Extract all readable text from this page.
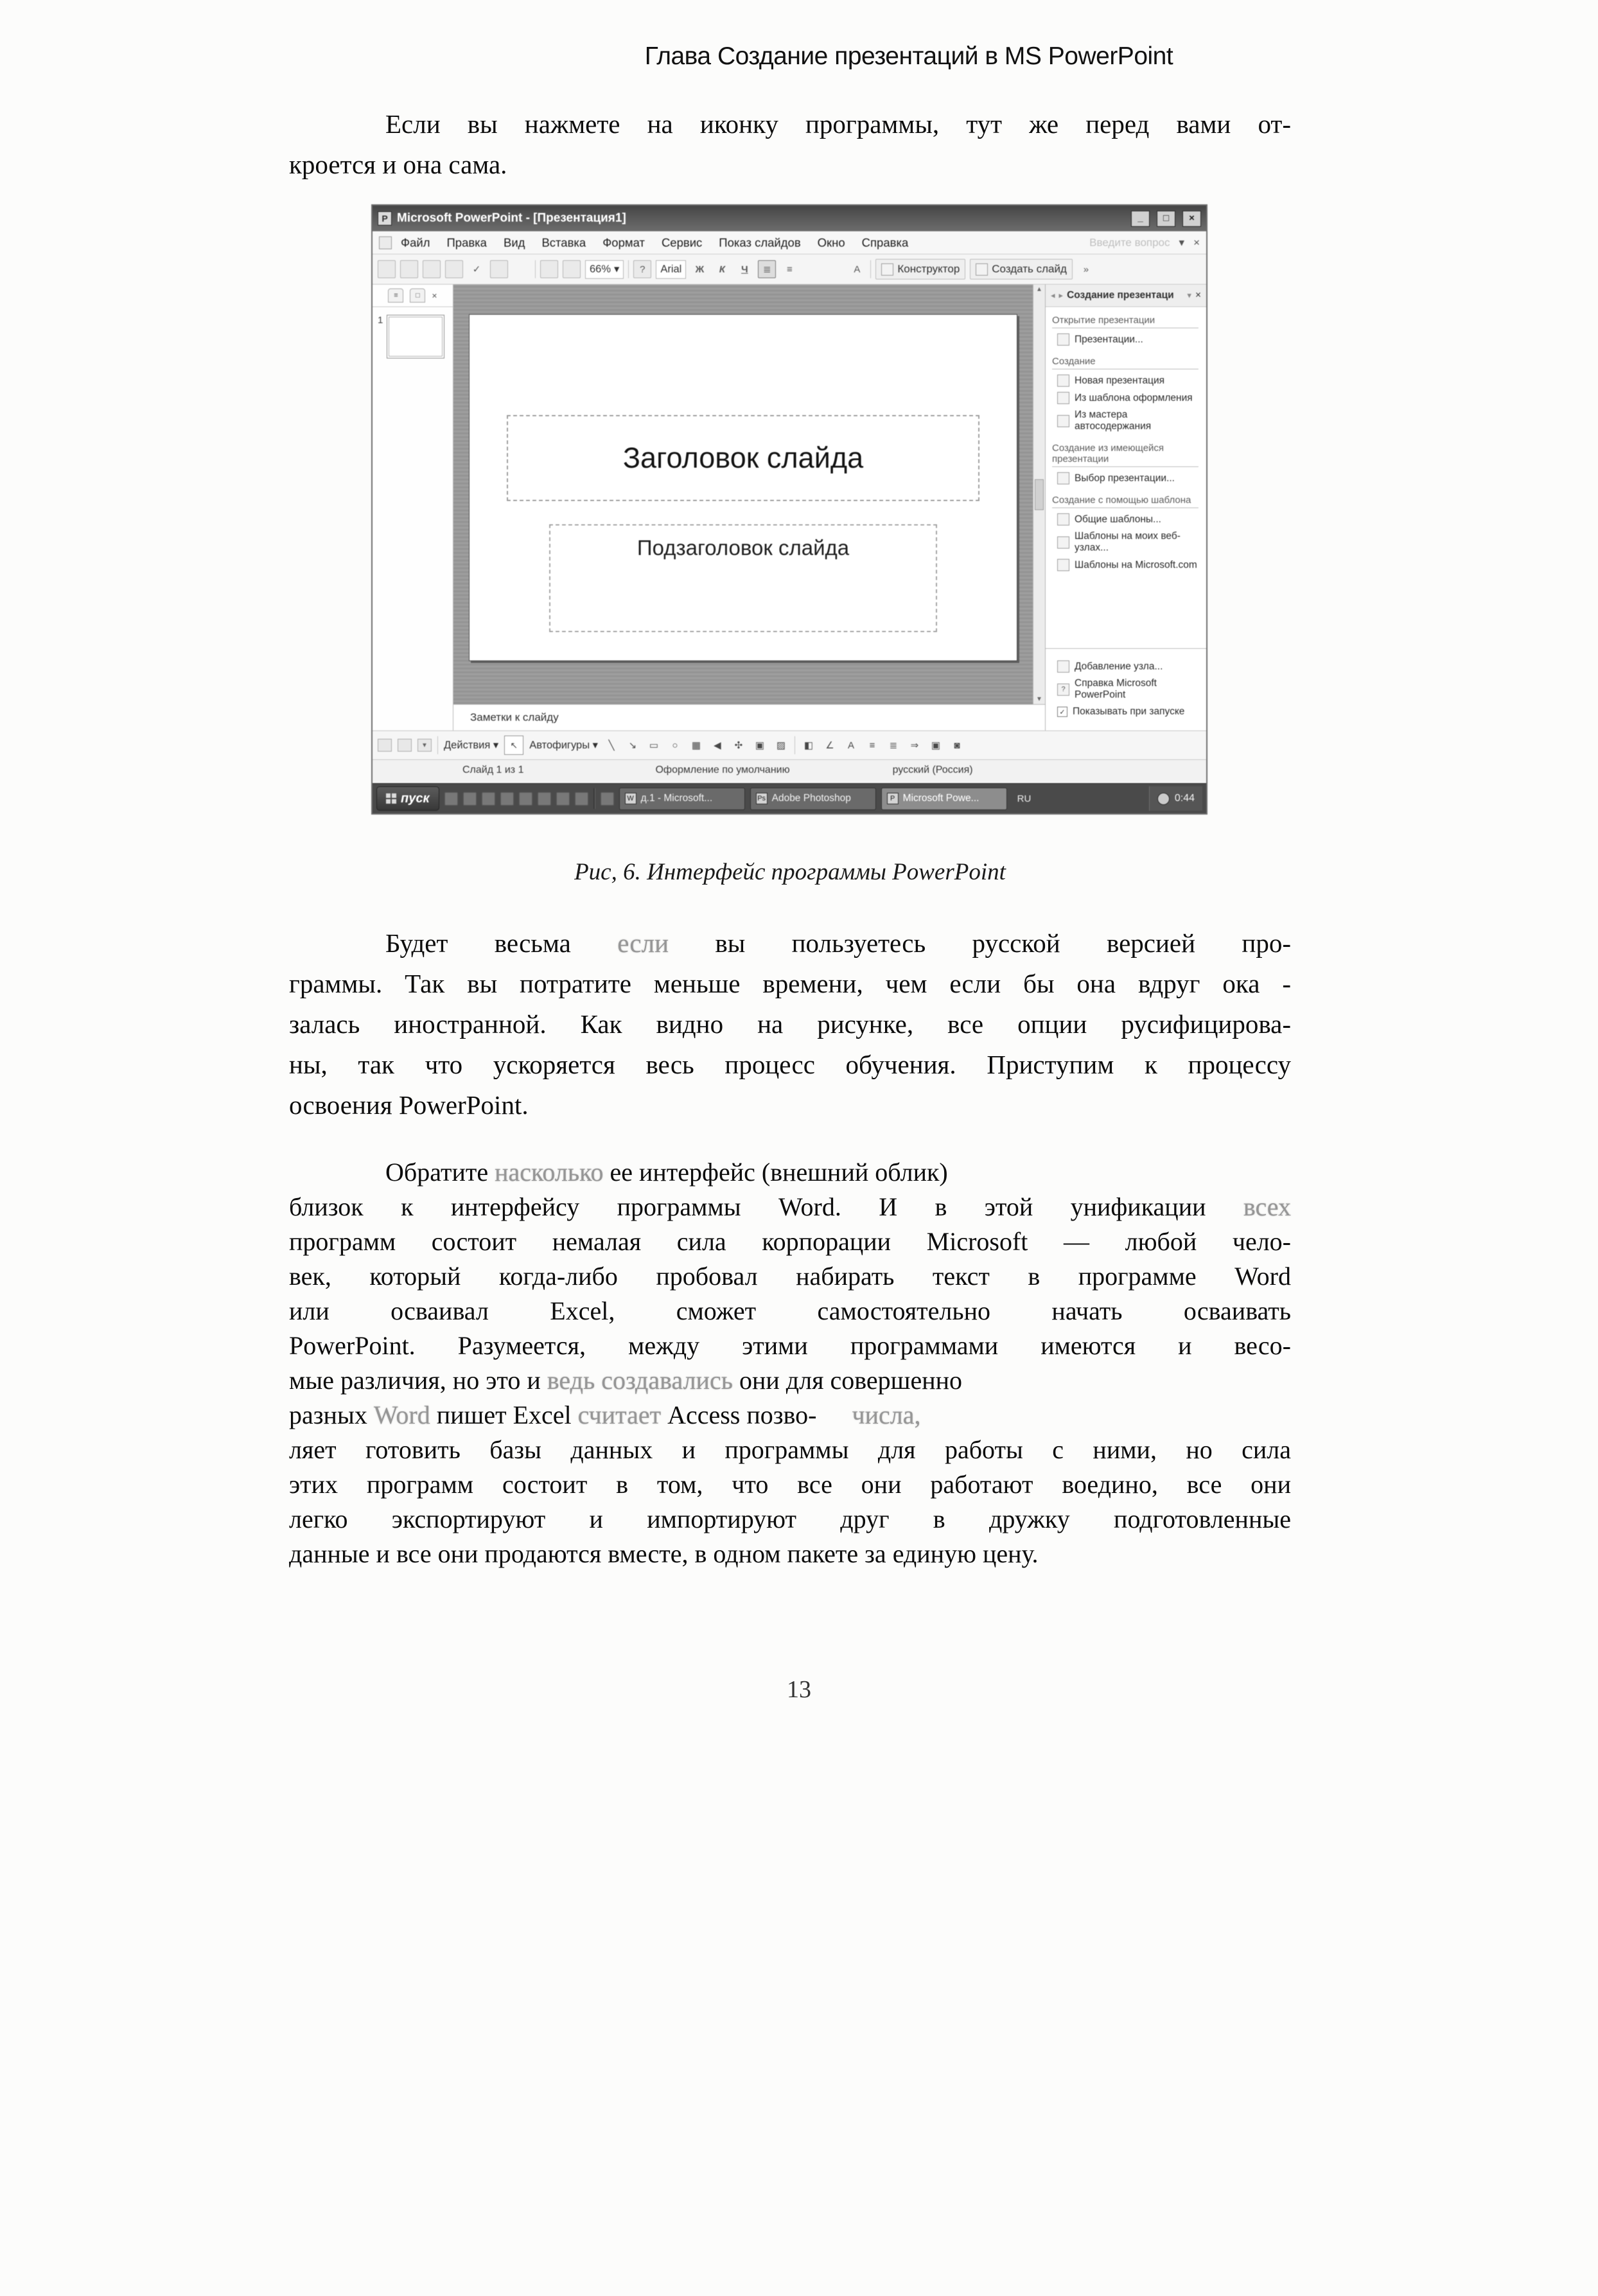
Глава Создание презентаций в MS PowerPoint
Если вы нажмете на иконку программы, тут же перед вами от-
кроется и она сама.
P Microsoft PowerPoint - [Презентация1]	_	□	×
Файл Правка Вид Вставка Формат Сервис Показ слайдов Окно Справка	Введите вопрос ▾ ×
✓	66% ▾	?	Arial	Ж	К	Ч	≣	≡	А	Конструктор	Создать слайд	»
≡	□	×
1
Заголовок слайда
Подзаголовок слайда
▲
▼
Заметки к слайду
◂ ▸ Создание презентаци	▾ ×
Открытие презентации
Презентации...
Создание
Новая презентация
Из шаблона оформления
Из мастера автосодержания
Создание из имеющейся презентации
Выбор презентации...
Создание с помощью шаблона
Общие шаблоны...
Шаблоны на моих веб-узлах...
Шаблоны на Microsoft.com
Добавление узла...
?
Справка Microsoft PowerPoint
✓ Показывать при запуске
▼	Действия ▾	↖	Автофигуры ▾	╲	↘	▭	○	▦	◀	✣	▣	▨	◧	∠	А	≡	≣	⇒	▣	◙
Слайд 1 из 1	Оформление по умолчанию	русский (Россия)
пуск	W д.1 - Microsoft...	Ps Adobe Photoshop	P Microsoft Powe...	RU	0:44
Рис, 6. Интерфейс программы PowerPoint
Будет весьма если вы пользуетесь русской версией про-
граммы. Так вы потратите меньше времени, чем если бы она вдруг ока -
залась иностранной. Как видно на рисунке, все опции русифицирова-
ны, так что ускоряется весь процесс обучения. Приступим к процессу
освоения PowerPoint.
Обратите насколько ее интерфейс (внешний облик)
близок к интерфейсу программы Word. И в этой унификации всех
программ состоит немалая сила корпорации Microsoft — любой чело-
век, который когда-либо пробовал набирать текст в программе Word
или осваивал Excel, сможет самостоятельно начать осваивать
PowerPoint. Разумеется, между этими программами имеются и весо-
мые различия, но это и ведь создавались они для совершенно
разных Word пишет Excel считает Access позво- числа,
ляет готовить базы данных и программы для работы с ними, но сила
этих программ состоит в том, что все они работают воедино, все они
легко экспортируют и импортируют друг в дружку подготовленные
данные и все они продаются вместе, в одном пакете за единую цену.
13
